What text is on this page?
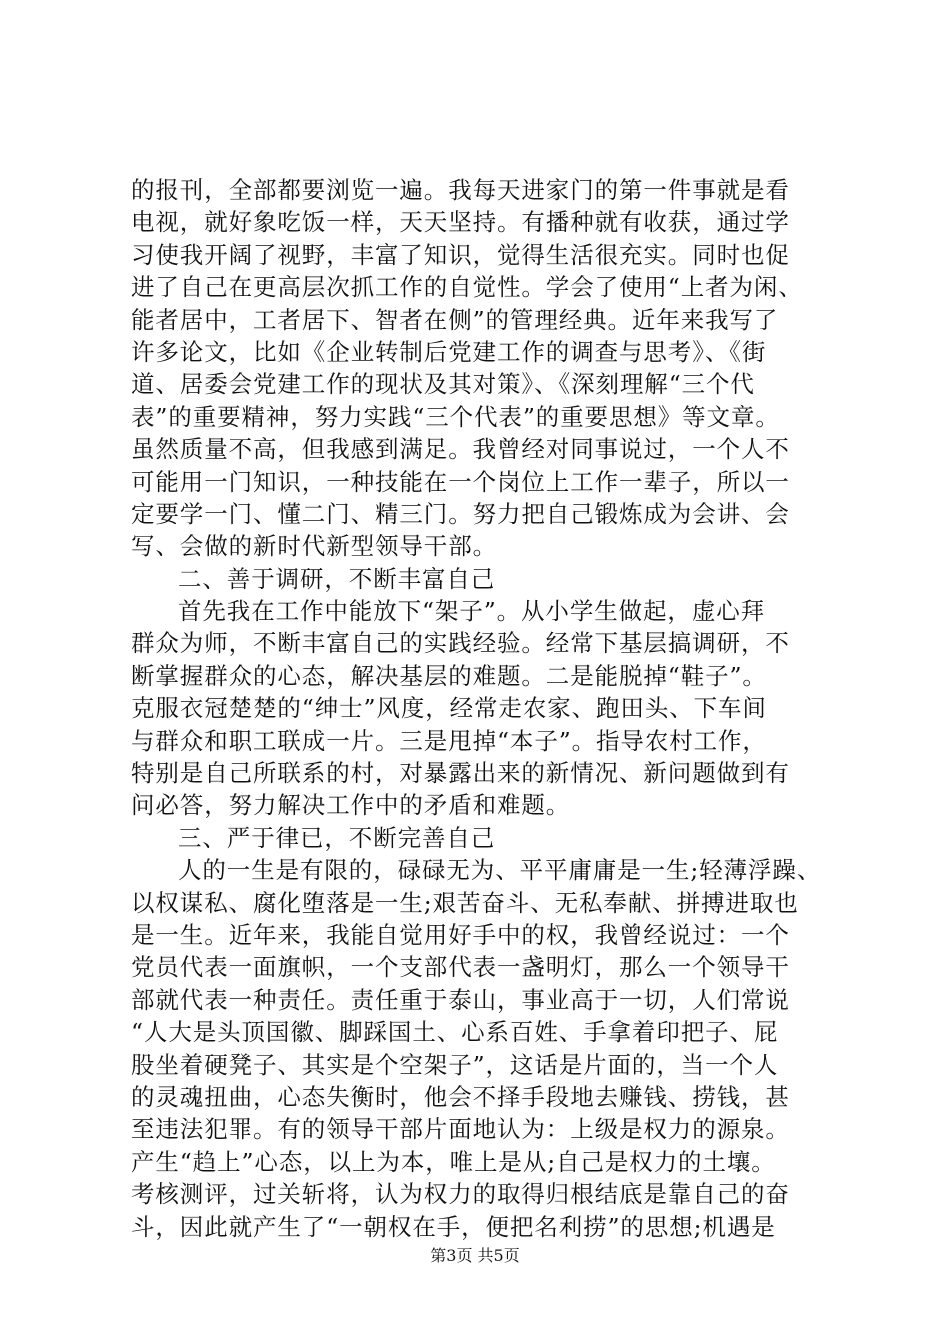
的报刊，全部都要浏览一遍。我每天进家门的第一件事就是看
电视，就好象吃饭一样，天天坚持。有播种就有收获，通过学
习使我开阔了视野，丰富了知识，觉得生活很充实。同时也促
进了自己在更高层次抓工作的自觉性。学会了使用“上者为闲、
能者居中，工者居下、智者在侧”的管理经典。近年来我写了
许多论文，比如《企业转制后党建工作的调查与思考》、《街
道、居委会党建工作的现状及其对策》、《深刻理解“三个代
表”的重要精神，努力实践“三个代表”的重要思想》等文章。
虽然质量不高，但我感到满足。我曾经对同事说过，一个人不
可能用一门知识，一种技能在一个岗位上工作一辈子，所以一
定要学一门、懂二门、精三门。努力把自己锻炼成为会讲、会
写、会做的新时代新型领导干部。
二、善于调研，不断丰富自己
首先我在工作中能放下“架子”。从小学生做起，虚心拜
群众为师，不断丰富自己的实践经验。经常下基层搞调研，不
断掌握群众的心态，解决基层的难题。二是能脱掉“鞋子”。
克服衣冠楚楚的“绅士”风度，经常走农家、跑田头、下车间
与群众和职工联成一片。三是甩掉“本子”。指导农村工作，
特别是自己所联系的村，对暴露出来的新情况、新问题做到有
问必答，努力解决工作中的矛盾和难题。
三、严于律已，不断完善自己
人的一生是有限的，碌碌无为、平平庸庸是一生;轻薄浮躁、
以权谋私、腐化堕落是一生;艰苦奋斗、无私奉献、拼搏进取也
是一生。近年来，我能自觉用好手中的权，我曾经说过：一个
党员代表一面旗帜，一个支部代表一盏明灯，那么一个领导干
部就代表一种责任。责任重于泰山，事业高于一切，人们常说
“人大是头顶国徽、脚踩国土、心系百姓、手拿着印把子、屁
股坐着硬凳子、其实是个空架子”，这话是片面的，当一个人
的灵魂扭曲，心态失衡时，他会不择手段地去赚钱、捞钱，甚
至违法犯罪。有的领导干部片面地认为：上级是权力的源泉。
产生“趋上”心态，以上为本，唯上是从;自己是权力的土壤。
考核测评，过关斩将，认为权力的取得归根结底是靠自己的奋
斗，因此就产生了“一朝权在手，便把名利捞”的思想;机遇是
第3页 共5页
